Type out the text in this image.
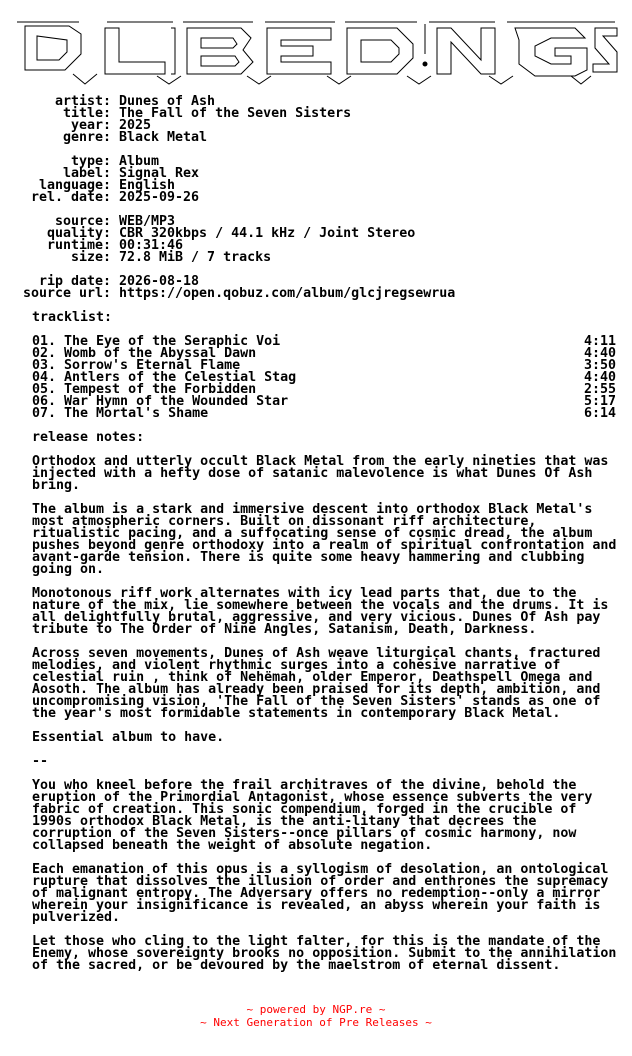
artist: Dunes of Ash
title: The Fall of the Seven Sisters
year: 2025
genre: Black Metal
type: Album
label: Signal Rex
language: English
rel. date: 2025-09-26
source: WEB/MP3
quality: CBR 320kbps / 44.1 kHz / Joint Stereo
runtime: 00:31:46
size: 72.8 MiB / 7 tracks
rip date: 2026-08-18
source url: https://open.qobuz.com/album/glcjregsewrua
tracklist:
01. The Eye of the Seraphic Voi	4:11
02. Womb of the Abyssal Dawn	4:40
03. Sorrow's Eternal Flame	3:50
04. Antlers of the Celestial Stag	4:40
05. Tempest of the Forbidden	2:55
06. War Hymn of the Wounded Star	5:17
07. The Mortal's Shame	6:14
release notes:
Orthodox and utterly occult Black Metal from the early nineties that was
injected with a hefty dose of satanic malevolence is what Dunes Of Ash
bring.
The album is a stark and immersive descent into orthodox Black Metal's
most atmospheric corners. Built on dissonant riff architecture,
ritualistic pacing, and a suffocating sense of cosmic dread, the album
pushes beyond genre orthodoxy into a realm of spiritual confrontation and
avant-garde tension. There is quite some heavy hammering and clubbing
going on.
Monotonous riff work alternates with icy lead parts that, due to the
nature of the mix, lie somewhere between the vocals and the drums. It is
all delightfully brutal, aggressive, and very vicious. Dunes Of Ash pay
tribute to The Order of Nine Angles, Satanism, Death, Darkness.
Across seven movements, Dunes of Ash weave liturgical chants, fractured
melodies, and violent rhythmic surges into a cohesive narrative of
celestial ruin , think of Nehëmah, older Emperor, Deathspell Omega and
Aosoth. The album has already been praised for its depth, ambition, and
uncompromising vision, 'The Fall of the Seven Sisters' stands as one of
the year's most formidable statements in contemporary Black Metal.
Essential album to have.
--
You who kneel before the frail architraves of the divine, behold the
eruption of the Primordial Antagonist, whose essence subverts the very
fabric of creation. This sonic compendium, forged in the crucible of
1990s orthodox Black Metal, is the anti-litany that decrees the
corruption of the Seven Sisters--once pillars of cosmic harmony, now
collapsed beneath the weight of absolute negation.
Each emanation of this opus is a syllogism of desolation, an ontological
rupture that dissolves the illusion of order and enthrones the supremacy
of malignant entropy. The Adversary offers no redemption--only a mirror
wherein your insignificance is revealed, an abyss wherein your faith is
pulverized.
Let those who cling to the light falter, for this is the mandate of the
Enemy, whose sovereignty brooks no opposition. Submit to the annihilation
of the sacred, or be devoured by the maelstrom of eternal dissent.
~ powered by NGP.re ~
~ Next Generation of Pre Releases ~
